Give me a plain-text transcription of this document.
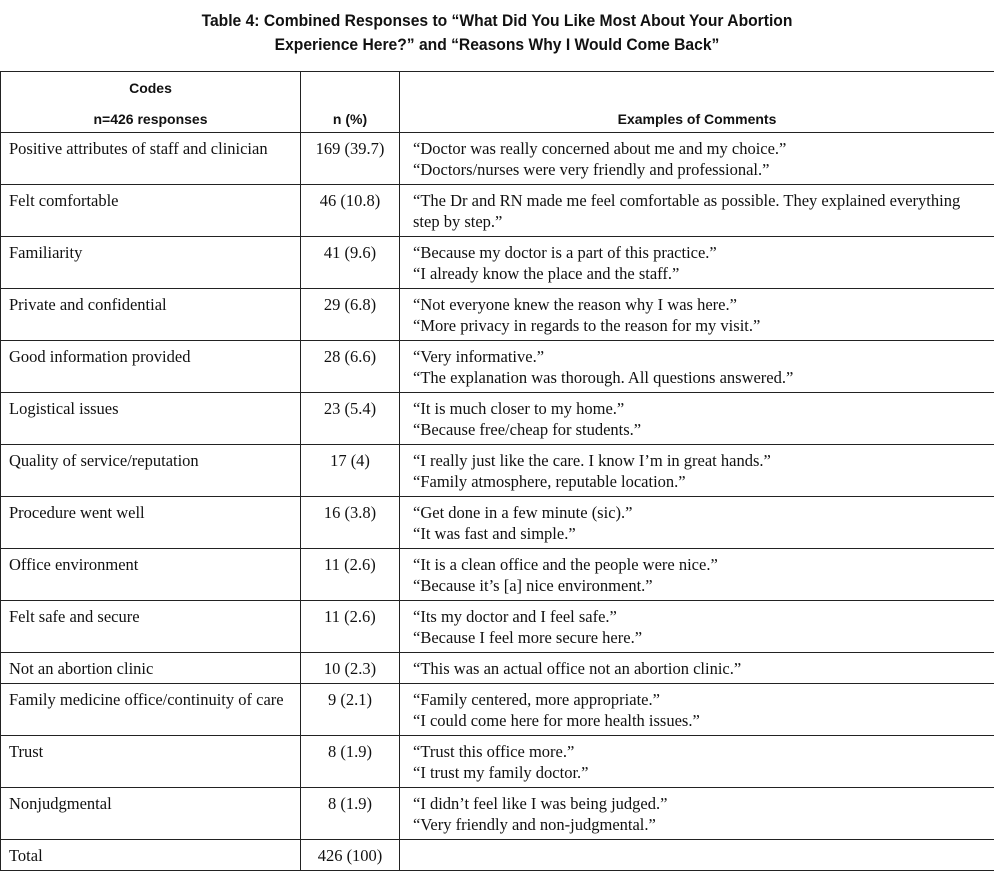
Table 4: Combined Responses to “What Did You Like Most About Your Abortion
Experience Here?” and “Reasons Why I Would Come Back”
Codes
n=426 responses	n (%)	Examples of Comments

Positive attributes of staff and clinician	169 (39.7)	“Doctor was really concerned about me and my choice.”
“Doctors/nurses were very friendly and professional.”

Felt comfortable	46 (10.8)	“The Dr and RN made me feel comfortable as possible. They explained everything step by step.”

Familiarity	41 (9.6)	“Because my doctor is a part of this practice.”
“I already know the place and the staff.”

Private and confidential	29 (6.8)	“Not everyone knew the reason why I was here.”
“More privacy in regards to the reason for my visit.”

Good information provided	28 (6.6)	“Very informative.”
“The explanation was thorough. All questions answered.”

Logistical issues	23 (5.4)	“It is much closer to my home.”
“Because free/cheap for students.”

Quality of service/reputation	17 (4)	“I really just like the care. I know I’m in great hands.”
“Family atmosphere, reputable location.”

Procedure went well	16 (3.8)	“Get done in a few minute (sic).”
“It was fast and simple.”

Office environment	11 (2.6)	“It is a clean office and the people were nice.”
“Because it’s [a] nice environment.”

Felt safe and secure	11 (2.6)	“Its my doctor and I feel safe.”
“Because I feel more secure here.”

Not an abortion clinic	10 (2.3)	“This was an actual office not an abortion clinic.”

Family medicine office/continuity of care	9 (2.1)	“Family centered, more appropriate.”
“I could come here for more health issues.”

Trust	8 (1.9)	“Trust this office more.”
“I trust my family doctor.”

Nonjudgmental	8 (1.9)	“I didn’t feel like I was being judged.”
“Very friendly and non-judgmental.”

Total	426 (100)	
